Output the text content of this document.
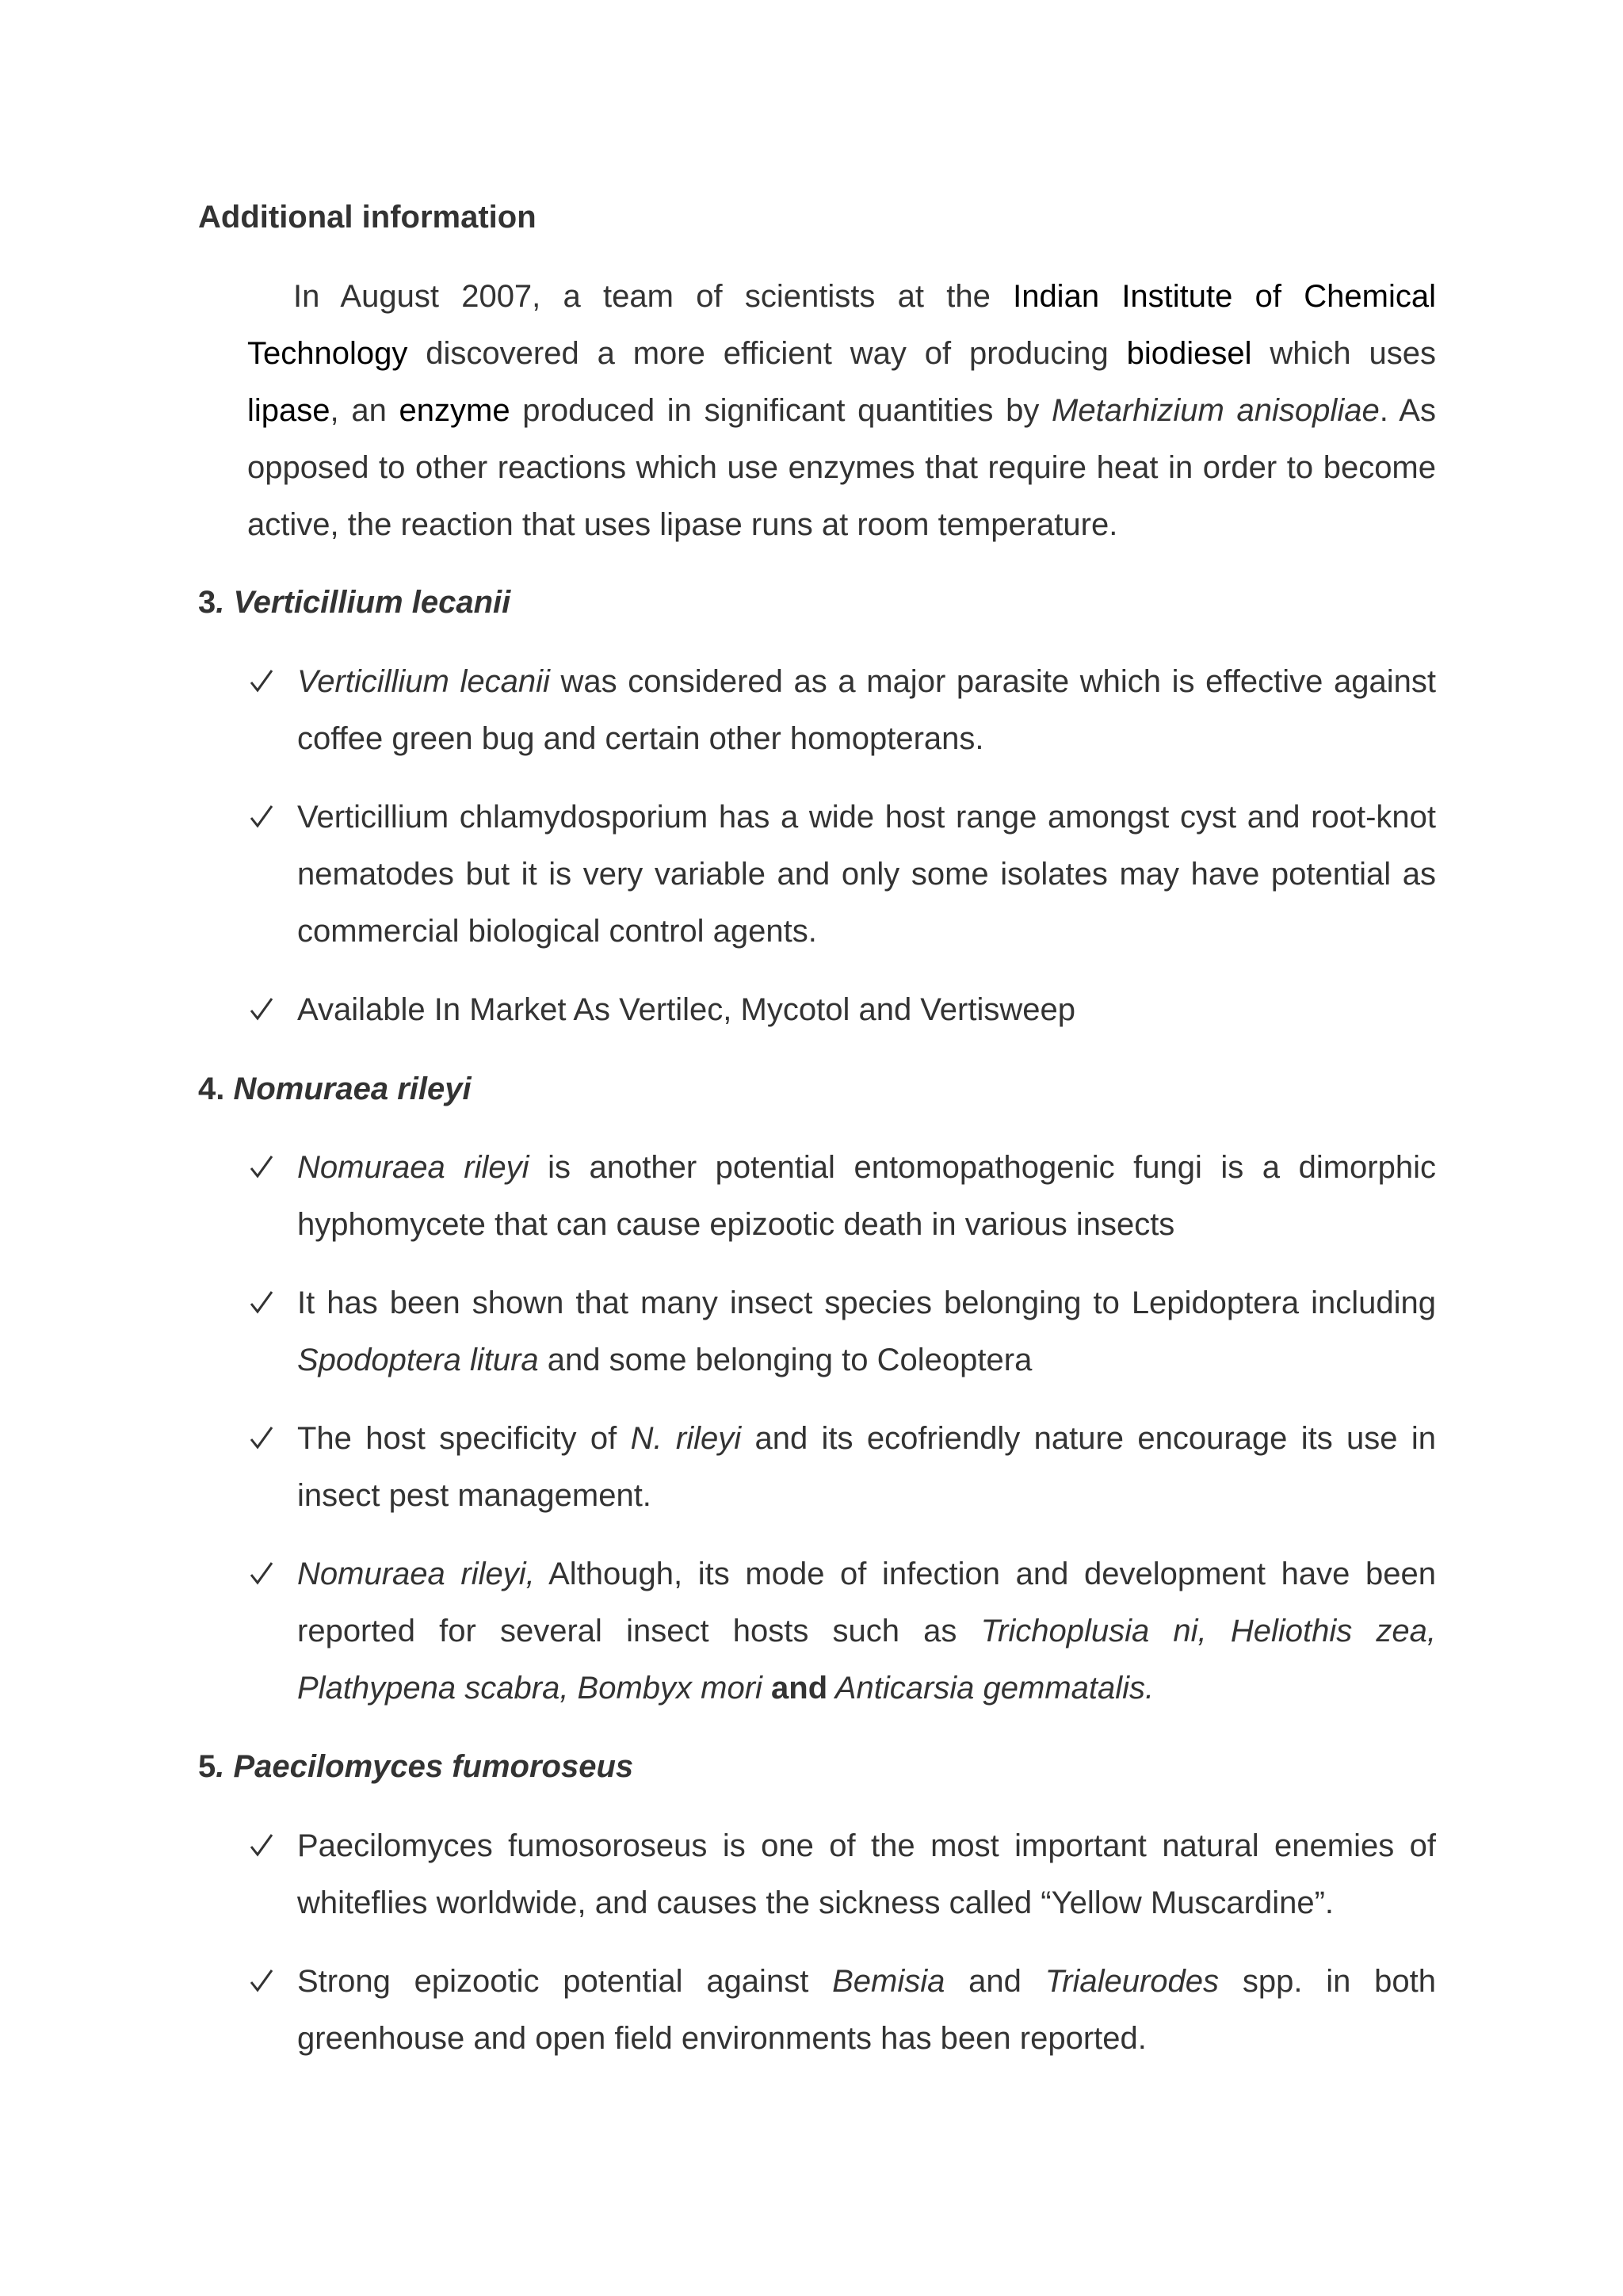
Additional information
In August 2007, a team of scientists at the Indian Institute of Chemical Technology discovered a more efficient way of producing biodiesel which uses lipase, an enzyme produced in significant quantities by Metarhizium anisopliae. As opposed to other reactions which use enzymes that require heat in order to become active, the reaction that uses lipase runs at room temperature.
3. Verticillium lecanii
Verticillium lecanii was considered as a major parasite which is effective against coffee green bug and certain other homopterans.
Verticillium chlamydosporium has a wide host range amongst cyst and root-knot nematodes but it is very variable and only some isolates may have potential as commercial biological control agents.
Available In Market As Vertilec, Mycotol and Vertisweep
4. Nomuraea rileyi
Nomuraea rileyi is another potential entomopathogenic fungi is a dimorphic hyphomycete that can cause epizootic death in various insects
It has been shown that many insect species belonging to Lepidoptera including Spodoptera litura and some belonging to Coleoptera
The host specificity of N. rileyi and its ecofriendly nature encourage its use in insect pest management.
Nomuraea rileyi, Although, its mode of infection and development have been reported for several insect hosts such as Trichoplusia ni, Heliothis zea, Plathypena scabra, Bombyx mori and Anticarsia gemmatalis.
5. Paecilomyces fumoroseus
Paecilomyces fumosoroseus is one of the most important natural enemies of whiteflies worldwide, and causes the sickness called “Yellow Muscardine”.
Strong epizootic potential against Bemisia and Trialeurodes spp. in both greenhouse and open field environments has been reported.
